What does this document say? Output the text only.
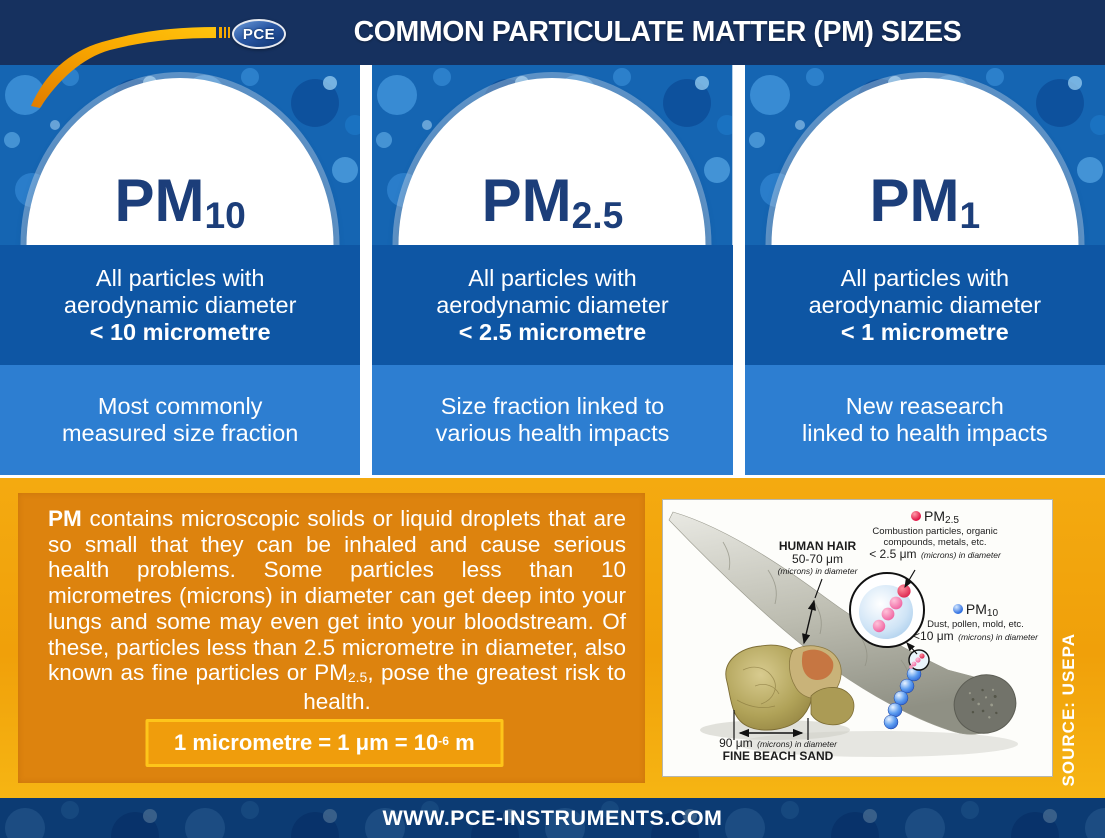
COMMON PARTICULATE MATTER (PM) SIZES
PCE
PM10
All particles with
aerodynamic diameter
< 10 micrometre
Most commonly
measured size fraction
PM2.5
All particles with
aerodynamic diameter
< 2.5 micrometre
Size fraction linked to
various health impacts
PM1
All particles with
aerodynamic diameter
< 1 micrometre
New reasearch
linked to health impacts

PM contains microscopic solids or liquid droplets that are so small that they can be inhaled and cause serious health problems. Some particles less than 10 micrometres (microns) in diameter can get deep into your lungs and some may even get into your bloodstream. Of these, particles less than 2.5 micrometre in diameter, also known as fine particles or PM2.5, pose the greatest risk to health.

1 micrometre = 1 $\mu m = 10^{-6}$ m
HUMAN HAIR
50-70 μm
(microns) in diameter
PM2.5
Combustion particles, organic
compounds, metals, etc.
< 2.5 μm (microns) in diameter
PM10
Dust, pollen, mold, etc.
<10 μm (microns) in diameter
90 μm (microns) in diameter
FINE BEACH SAND	SOURCE: USEPA
WWW.PCE-INSTRUMENTS.COM
